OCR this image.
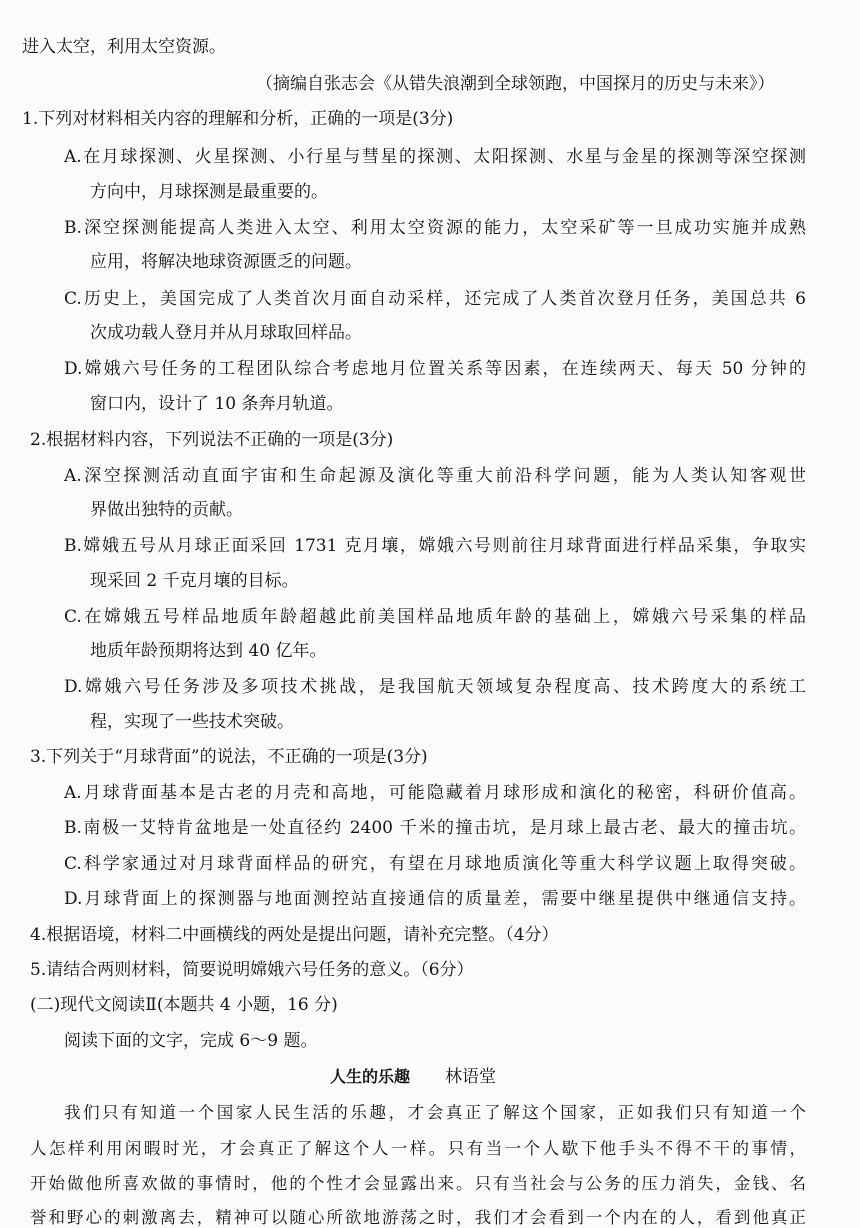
进入太空，利用太空资源。
（摘编自张志会《从错失浪潮到全球领跑，中国探月的历史与未来》）
1.下列对材料相关内容的理解和分析，正确的一项是(3分)
A.在月球探测、火星探测、小行星与彗星的探测、太阳探测、水星与金星的探测等深空探测
方向中，月球探测是最重要的。
B.深空探测能提高人类进入太空、利用太空资源的能力，太空采矿等一旦成功实施并成熟
应用，将解决地球资源匮乏的问题。
C.历史上，美国完成了人类首次月面自动采样，还完成了人类首次登月任务，美国总共 6
次成功载人登月并从月球取回样品。
D.嫦娥六号任务的工程团队综合考虑地月位置关系等因素，在连续两天、每天 50 分钟的
窗口内，设计了 10 条奔月轨道。
2.根据材料内容，下列说法不正确的一项是(3分)
A.深空探测活动直面宇宙和生命起源及演化等重大前沿科学问题，能为人类认知客观世
界做出独特的贡献。
B.嫦娥五号从月球正面采回 1731 克月壤，嫦娥六号则前往月球背面进行样品采集，争取实
现采回 2 千克月壤的目标。
C.在嫦娥五号样品地质年龄超越此前美国样品地质年龄的基础上，嫦娥六号采集的样品
地质年龄预期将达到 40 亿年。
D.嫦娥六号任务涉及多项技术挑战，是我国航天领域复杂程度高、技术跨度大的系统工
程，实现了一些技术突破。
3.下列关于“月球背面”的说法，不正确的一项是(3分)
A.月球背面基本是古老的月壳和高地，可能隐藏着月球形成和演化的秘密，科研价值高。
B.南极一艾特肯盆地是一处直径约 2400 千米的撞击坑，是月球上最古老、最大的撞击坑。
C.科学家通过对月球背面样品的研究，有望在月球地质演化等重大科学议题上取得突破。
D.月球背面上的探测器与地面测控站直接通信的质量差，需要中继星提供中继通信支持。
4.根据语境，材料二中画横线的两处是提出问题，请补充完整。（4分）
5.请结合两则材料，简要说明嫦娥六号任务的意义。（6分）
(二)现代文阅读Ⅱ(本题共 4 小题，16 分)
阅读下面的文字，完成 6～9 题。
人生的乐趣 林语堂
我们只有知道一个国家人民生活的乐趣，才会真正了解这个国家，正如我们只有知道一个
人怎样利用闲暇时光，才会真正了解这个人一样。只有当一个人歇下他手头不得不干的事情，
开始做他所喜欢做的事情时，他的个性才会显露出来。只有当社会与公务的压力消失，金钱、名
誉和野心的刺激离去，精神可以随心所欲地游荡之时，我们才会看到一个内在的人，看到他真正
